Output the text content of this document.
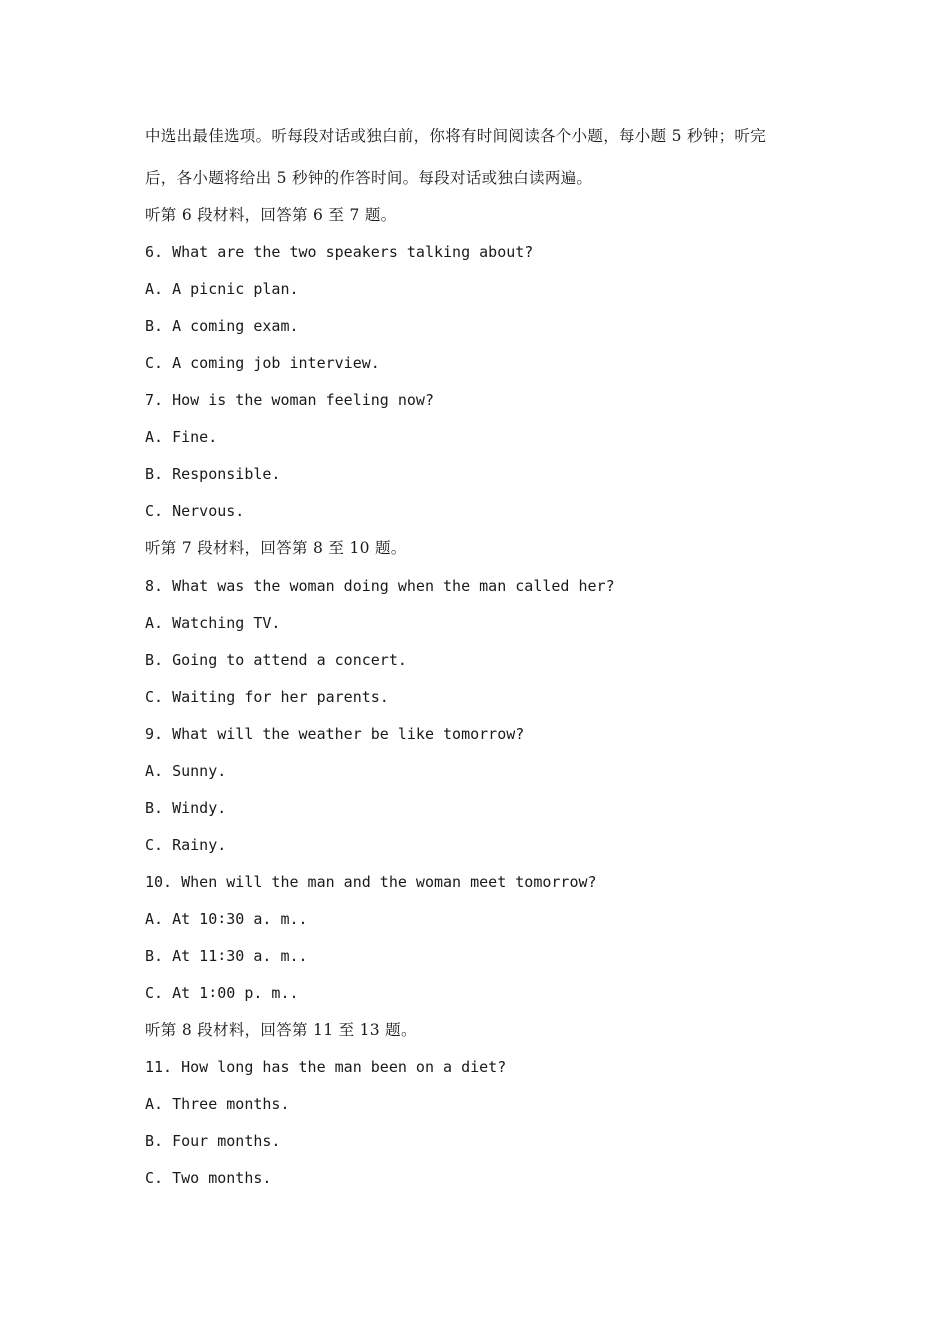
中选出最佳选项。听每段对话或独白前，你将有时间阅读各个小题，每小题 5 秒钟；听完
后，各小题将给出 5 秒钟的作答时间。每段对话或独白读两遍。
听第 6 段材料，回答第 6 至 7 题。
6. What are the two speakers talking about?
A. A picnic plan.
B. A coming exam.
C. A coming job interview.
7. How is the woman feeling now?
A. Fine.
B. Responsible.
C. Nervous.
听第 7 段材料，回答第 8 至 10 题。
8. What was the woman doing when the man called her?
A. Watching TV.
B. Going to attend a concert.
C. Waiting for her parents.
9. What will the weather be like tomorrow?
A. Sunny.
B. Windy.
C. Rainy.
10. When will the man and the woman meet tomorrow?
A. At 10∶30 a. m..
B. At 11∶30 a. m..
C. At 1∶00 p. m..
听第 8 段材料，回答第 11 至 13 题。
11. How long has the man been on a diet?
A. Three months.
B. Four months.
C. Two months.
